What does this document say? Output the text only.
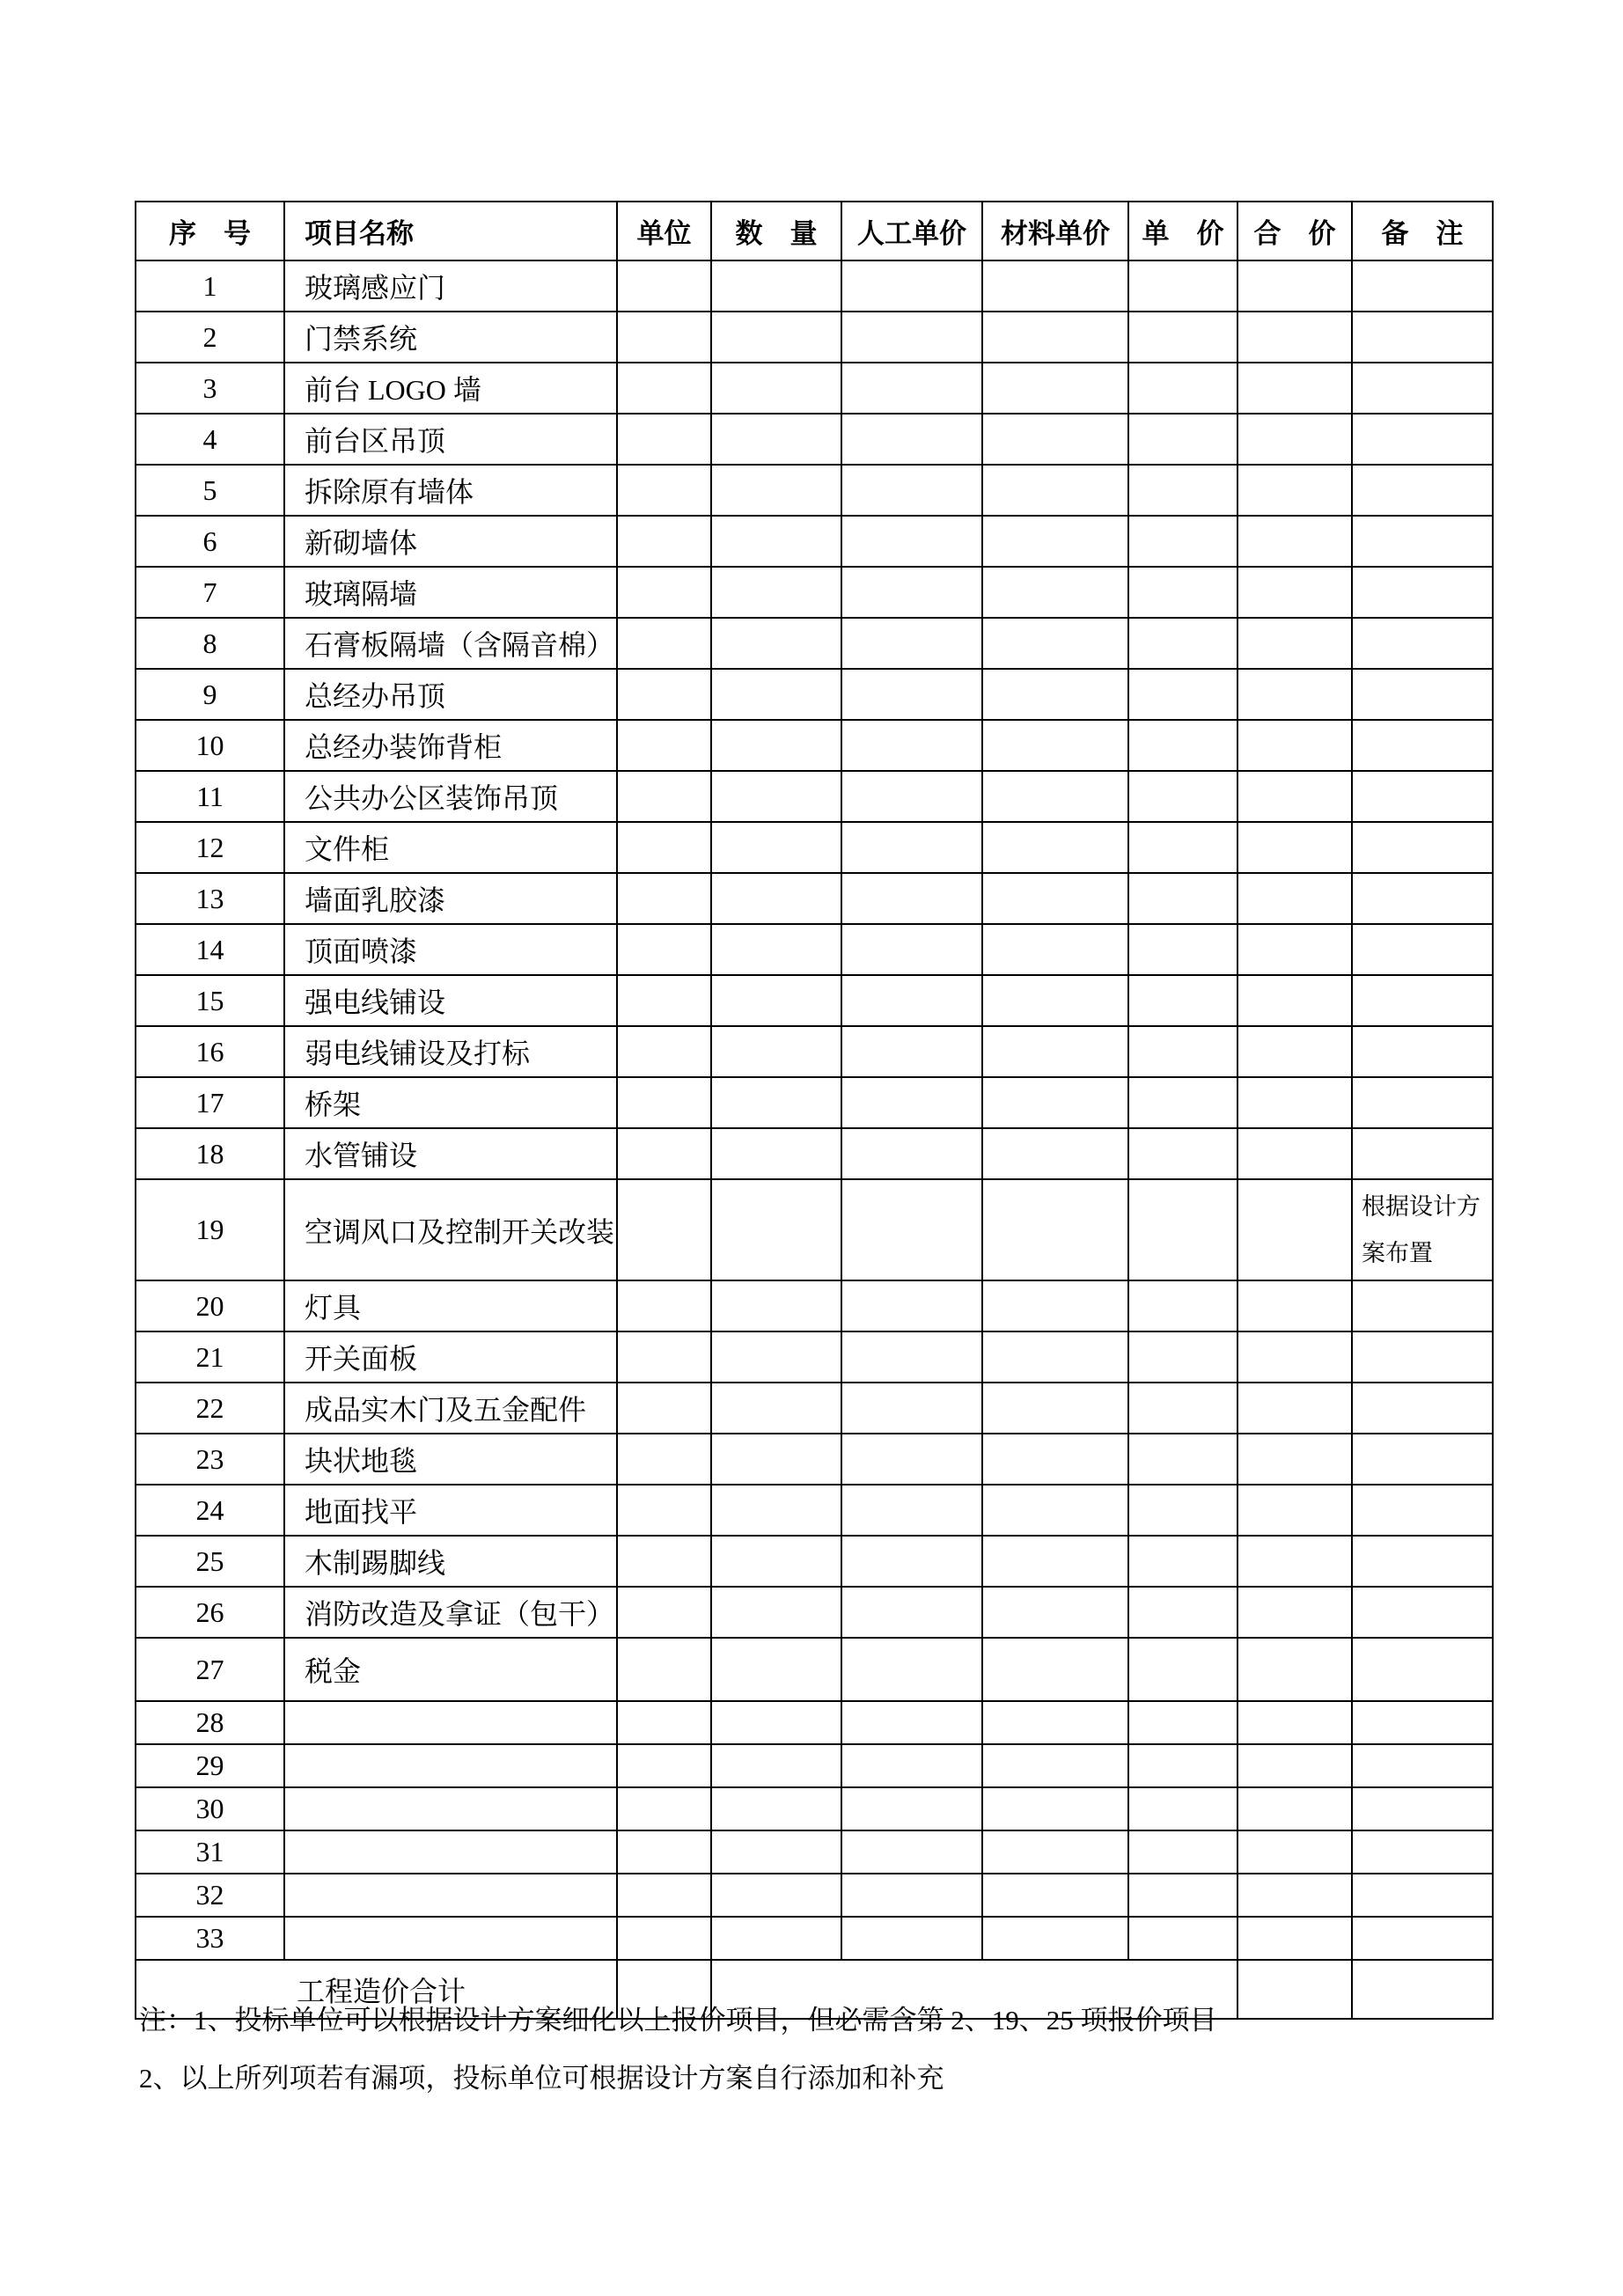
序　号	项目名称	单位	数　量	人工单价	材料单价	单　价	合　价	备　注
1	玻璃感应门							
2	门禁系统							
3	前台 LOGO 墙							
4	前台区吊顶							
5	拆除原有墙体							
6	新砌墙体							
7	玻璃隔墙							
8	石膏板隔墙（含隔音棉）							
9	总经办吊顶							
10	总经办装饰背柜							
11	公共办公区装饰吊顶							
12	文件柜							
13	墙面乳胶漆							
14	顶面喷漆							
15	强电线铺设							
16	弱电线铺设及打标							
17	桥架							
18	水管铺设							
19	空调风口及控制开关改装							根据设计方案布置
20	灯具							
21	开关面板							
22	成品实木门及五金配件							
23	块状地毯							
24	地面找平							
25	木制踢脚线							
26	消防改造及拿证（包干）							
27	税金							
28								
29								
30								
31								
32								
33								
工程造价合计								
注：1、投标单位可以根据设计方案细化以上报价项目，但必需含第 2、19、25 项报价项目
2、以上所列项若有漏项，投标单位可根据设计方案自行添加和补充
